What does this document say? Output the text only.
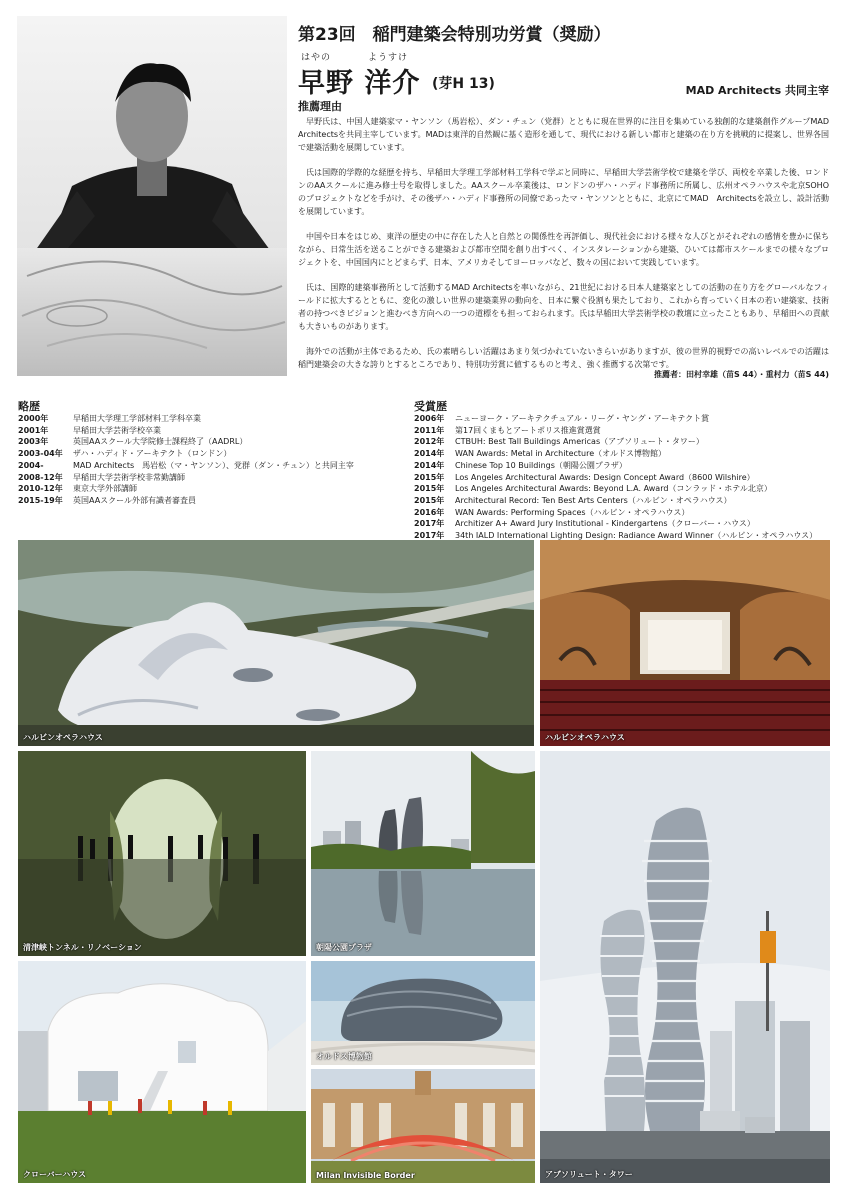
第23回　稲門建築会特別功労賞（奨励）
はやの	ようすけ
早野 洋介 (芽H 13)	MAD Architects 共同主宰
推薦理由

早野氏は、中国人建築家マ・ヤンソン（馬岩松）、ダン・チュン（党群）とともに現在世界的に注目を集めている独創的な建築創作グループMAD Architectsを共同主宰しています。MADは東洋的自然観に基く造形を通して、現代における新しい都市と建築の在り方を挑戦的に提案し、世界各国で建築活動を展開しています。

氏は国際的学際的な経歴を持ち、早稲田大学理工学部材料工学科で学ぶと同時に、早稲田大学芸術学校で建築を学び、両校を卒業した後、ロンドンのAAスクールに進み修士号を取得しました。AAスクール卒業後は、ロンドンのザハ・ハディド事務所に所属し、広州オペラハウスや北京SOHOのプロジェクトなどを手がけ、その後ザハ・ハディド事務所の同僚であったマ・ヤンソンとともに、北京にてMAD　Architectsを設立し、設計活動を展開しています。

中国や日本をはじめ、東洋の歴史の中に存在した人と自然との関係性を再評価し、現代社会における様々な人びとがそれぞれの感情を豊かに保ちながら、日常生活を送ることができる建築および都市空間を創り出すべく、インスタレーションから建築、ひいては都市スケールまでの様々なプロジェクトを、中国国内にとどまらず、日本、アメリカそしてヨーロッパなど、数々の国において実践しています。

氏は、国際的建築事務所として活動するMAD Architectsを率いながら、21世紀における日本人建築家としての活動の在り方をグローバルなフィールドに拡大するとともに、変化の激しい世界の建築業界の動向を、日本に繋ぐ役割も果たしており、これから育っていく日本の若い建築家、技術者の持つべきビジョンと進むべき方向への一つの道標をも担っておられます。氏は早稲田大学芸術学校の教壇に立ったこともあり、早稲田への貢献も大きいものがあります。

海外での活動が主体であるため、氏の素晴らしい活躍はあまり気づかれていないきらいがありますが、彼の世界的視野での高いレベルでの活躍は稲門建築会の大きな誇りとするところであり、特別功労賞に値するものと考え、強く推薦する次第です。

推薦者：田村幸雄（苗S 44）・重村力（苗S 44)
略歴
2000年	早稲田大学理工学部材料工学科卒業
2001年	早稲田大学芸術学校卒業
2003年	英国AAスクール大学院修士課程終了（AADRL）
2003-04年	ザハ・ハディド・アーキテクト（ロンドン）
2004-	MAD Architects　馬岩松（マ・ヤンソン）、党群（ダン・チュン）と共同主宰
2008-12年	早稲田大学芸術学校非常勤講師
2010-12年	東京大学外部講師
2015-19年	英国AAスクール外部有識者審査員
受賞歴
2006年	ニューヨーク・アーキテクチュアル・リーグ・ヤング・アーキテクト賞
2011年	第17回くまもとアートポリス推進賞選賞
2012年	CTBUH: Best Tall Buildings Americas（アブソリュート・タワー）
2014年	WAN Awards: Metal in Architecture（オルドス博物館）
2014年	Chinese Top 10 Buildings（朝陽公園プラザ）
2015年	Los Angeles Architectural Awards: Design Concept Award（8600 Wilshire）
2015年	Los Angeles Architectural Awards: Beyond L.A. Award（コンラッド・ホテル北京）
2015年	Architectural Record: Ten Best Arts Centers（ハルビン・オペラハウス）
2016年	WAN Awards: Performing Spaces（ハルビン・オペラハウス）
2017年	Architizer A+ Award Jury Institutional - Kindergartens（クローバー・ハウス）
2017年	34th IALD International Lighting Design: Radiance Award Winner（ハルビン・オペラハウス）
ハルビンオペラハウス	ハルビンオペラハウス
清津峡トンネル・リノベーション	朝陽公園プラザ
アブソリュート・タワー
クローバーハウス
オルドス博物館
Milan Invisible Border
